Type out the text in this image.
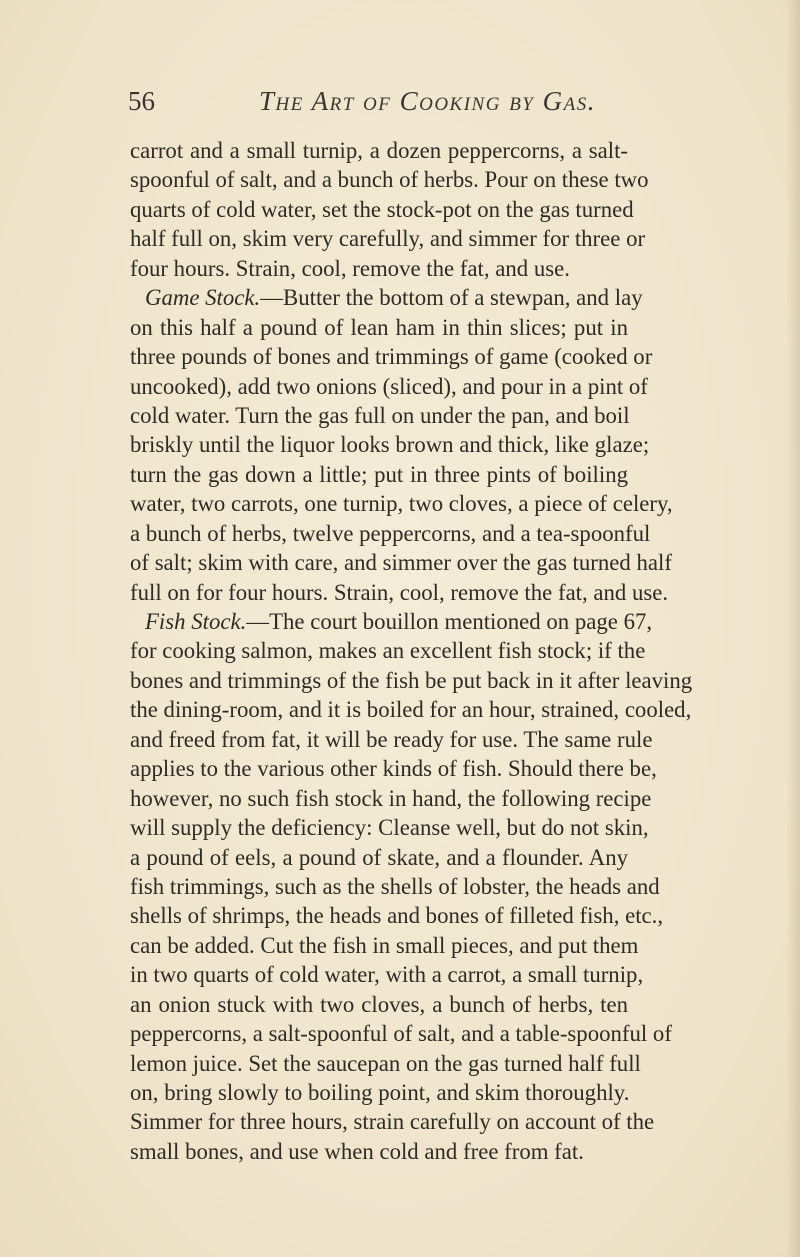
56	The Art of Cooking by Gas.
carrot and a small turnip, a dozen peppercorns, a salt-
spoonful of salt, and a bunch of herbs. Pour on these two
quarts of cold water, set the stock-pot on the gas turned
half full on, skim very carefully, and simmer for three or
four hours. Strain, cool, remove the fat, and use.
Game Stock.—Butter the bottom of a stewpan, and lay
on this half a pound of lean ham in thin slices; put in
three pounds of bones and trimmings of game (cooked or
uncooked), add two onions (sliced), and pour in a pint of
cold water. Turn the gas full on under the pan, and boil
briskly until the liquor looks brown and thick, like glaze;
turn the gas down a little; put in three pints of boiling
water, two carrots, one turnip, two cloves, a piece of celery,
a bunch of herbs, twelve peppercorns, and a tea-spoonful
of salt; skim with care, and simmer over the gas turned half
full on for four hours. Strain, cool, remove the fat, and use.
Fish Stock.—The court bouillon mentioned on page 67,
for cooking salmon, makes an excellent fish stock; if the
bones and trimmings of the fish be put back in it after leaving
the dining-room, and it is boiled for an hour, strained, cooled,
and freed from fat, it will be ready for use. The same rule
applies to the various other kinds of fish. Should there be,
however, no such fish stock in hand, the following recipe
will supply the deficiency: Cleanse well, but do not skin,
a pound of eels, a pound of skate, and a flounder. Any
fish trimmings, such as the shells of lobster, the heads and
shells of shrimps, the heads and bones of filleted fish, etc.,
can be added. Cut the fish in small pieces, and put them
in two quarts of cold water, with a carrot, a small turnip,
an onion stuck with two cloves, a bunch of herbs, ten
peppercorns, a salt-spoonful of salt, and a table-spoonful of
lemon juice. Set the saucepan on the gas turned half full
on, bring slowly to boiling point, and skim thoroughly.
Simmer for three hours, strain carefully on account of the
small bones, and use when cold and free from fat.
